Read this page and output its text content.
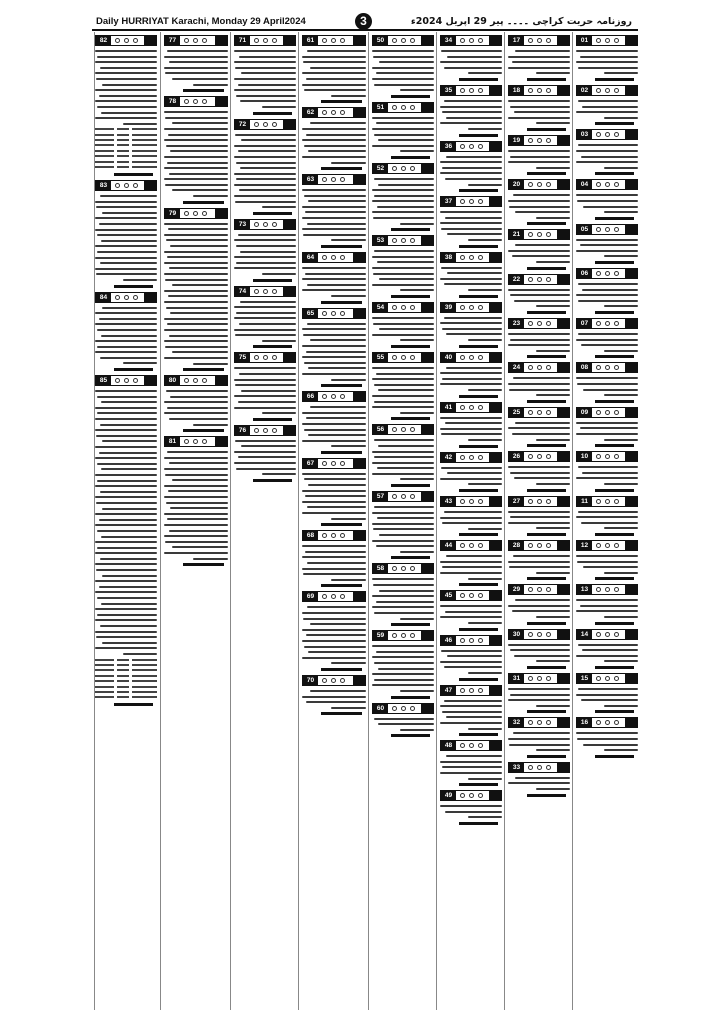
Daily HURRIYAT Karachi, Monday 29 April2024	3	روزنامہ حریت کراچی ۔۔۔۔ پیر 29 اپریل 2024ء
82
83
84
85
77
78
79
80
81
71
72
73
74
75
76
61
62
63
64
65
66
67
68
69
70
50
51
52
53
54
55
56
57
58
59
60
34
35
36
37
38
39
40
41
42
43
44
45
46
47
48
49
17
18
19
20
21
22
23
24
25
26
27
28
29
30
31
32
33
01
02
03
04
05
06
07
08
09
10
11
12
13
14
15
16
